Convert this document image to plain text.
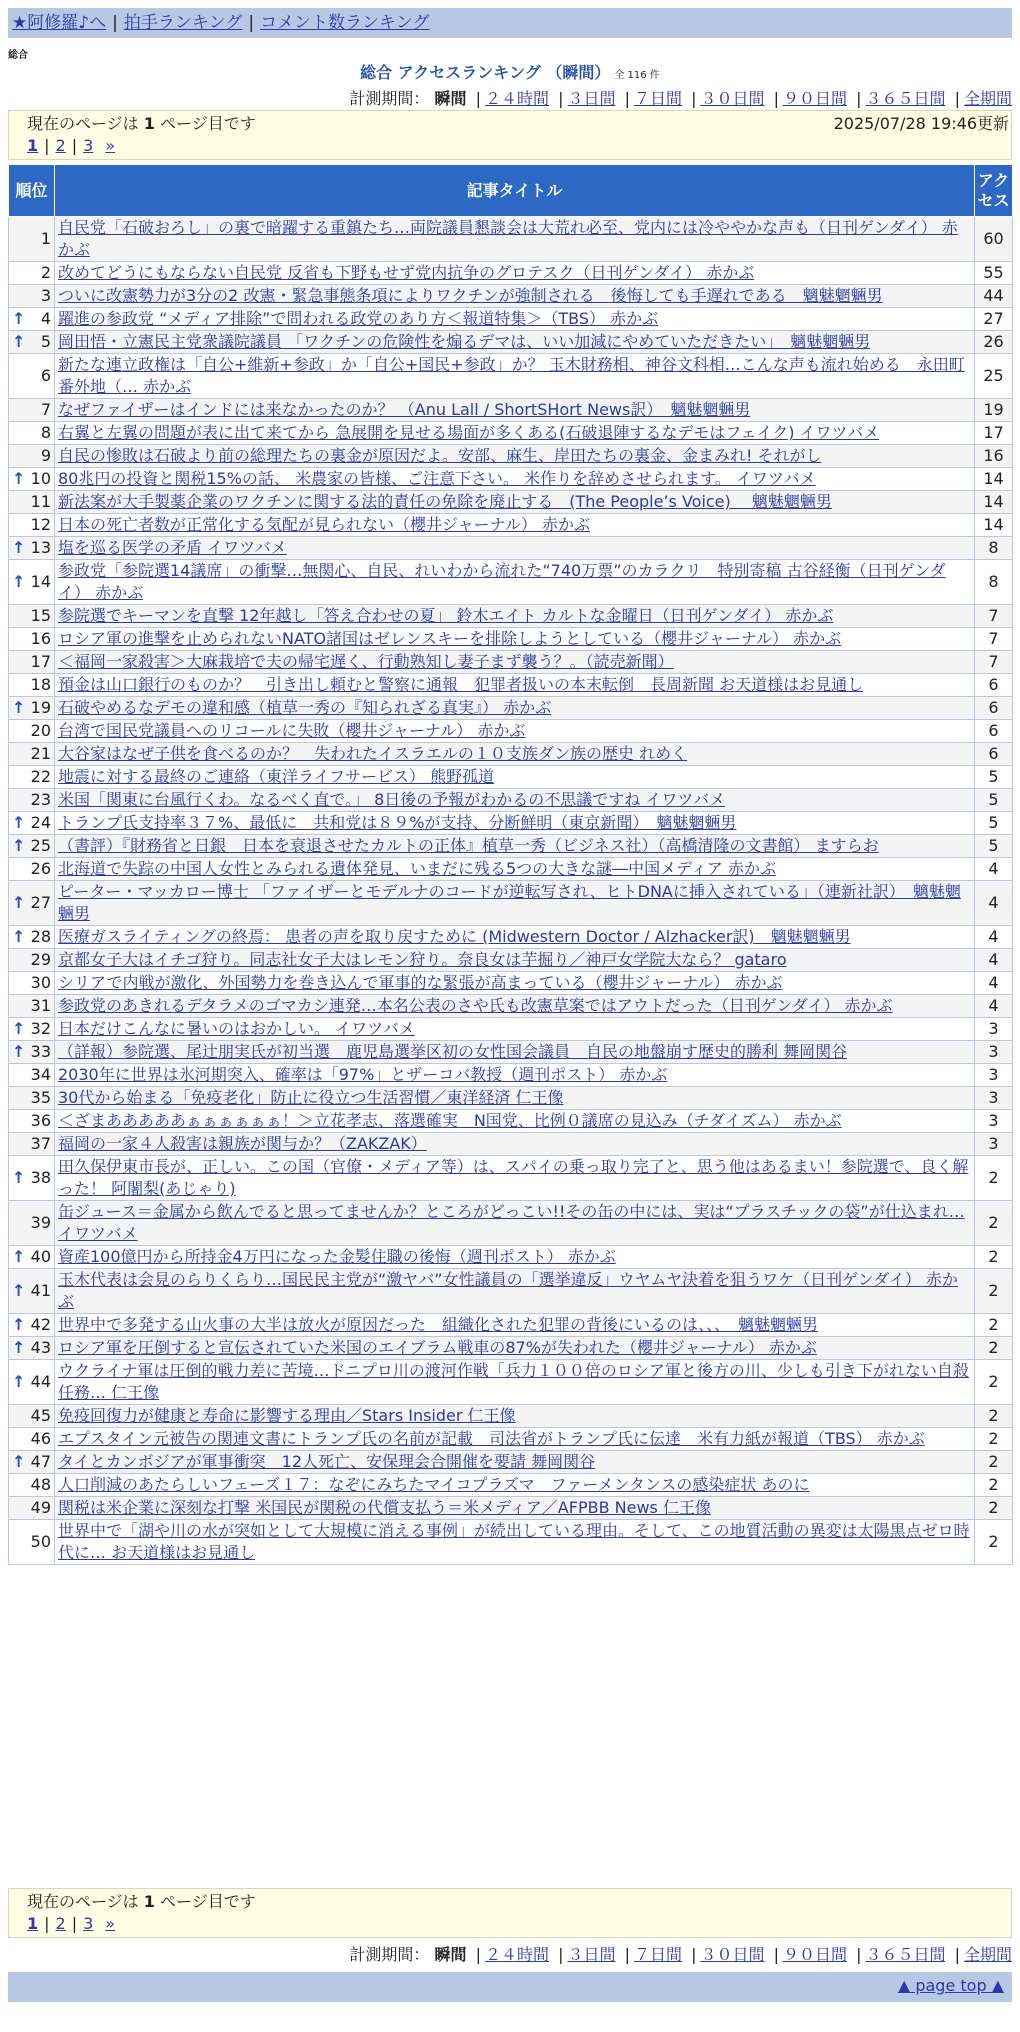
★阿修羅♪へ | 拍手ランキング | コメント数ランキング
総合
総合 アクセスランキング （瞬間） 全 116 件
計測期間： 瞬間 | ２４時間 | ３日間 | ７日間 | ３０日間 | ９０日間 | ３６５日間 | 全期間
現在のページは 1 ページ目です	2025/07/28 19:46更新
1 | 2 | 3 »
順位	記事タイトル	アクセス
1	自民党「石破おろし」の裏で暗躍する重鎮たち…両院議員懇談会は大荒れ必至、党内には冷ややかな声も（日刊ゲンダイ） 赤かぶ	60
2	改めてどうにもならない自民党 反省も下野もせず党内抗争のグロテスク（日刊ゲンダイ） 赤かぶ	55
3	ついに改憲勢力が3分の2 改憲・緊急事態条項によりワクチンが強制される　後悔しても手遅れである　魑魅魍魎男	44

↑ 4	躍進の参政党 “メディア排除”で問われる政党のあり方＜報道特集＞（TBS） 赤かぶ	27

↑ 5	岡田悟・立憲民主党衆議院議員 「ワクチンの危険性を煽るデマは、いい加減にやめていただきたい」　魑魅魍魎男	26
6	新たな連立政権は「自公+維新+参政」か「自公+国民+参政」か？ 玉木財務相、神谷文科相…こんな声も流れ始める　永田町番外地（… 赤かぶ	25
7	なぜファイザーはインドには来なかったのか？ （Anu Lall / ShortSHort News訳）　魑魅魍魎男	19
8	右翼と左翼の問題が表に出て来てから 急展開を見せる場面が多くある(石破退陣するなデモはフェイク) イワツバメ	17
9	自民の惨敗は石破より前の総理たちの裏金が原因だよ。安部、麻生、岸田たちの裏金、金まみれ! それがし	16

↑ 10	80兆円の投資と関税15%の話、 米農家の皆様、ご注意下さい。 米作りを辞めさせられます。 イワツバメ	14
11	新法案が大手製薬企業のワクチンに関する法的責任の免除を廃止する　(The People’s Voice)　 魑魅魍魎男	14
12	日本の死亡者数が正常化する気配が見られない（櫻井ジャーナル） 赤かぶ	14

↑ 13	塩を巡る医学の矛盾 イワツバメ	8

↑ 14	参政党「参院選14議席」の衝撃…無関心、自民、れいわから流れた“740万票”のカラクリ　特別寄稿 古谷経衡（日刊ゲンダイ） 赤かぶ	8
15	参院選でキーマンを直撃 12年越し「答え合わせの夏」 鈴木エイト カルトな金曜日（日刊ゲンダイ） 赤かぶ	7
16	ロシア軍の進撃を止められないNATO諸国はゼレンスキーを排除しようとしている（櫻井ジャーナル） 赤かぶ	7
17	＜福岡一家殺害＞大麻栽培で夫の帰宅遅く、行動熟知し妻子まず襲う？。（読売新聞）	7
18	預金は山口銀行のものか？　引き出し頼むと警察に通報　犯罪者扱いの本末転倒　長周新聞 お天道様はお見通し	6

↑ 19	石破やめるなデモの違和感（植草一秀の『知られざる真実』） 赤かぶ	6
20	台湾で国民党議員へのリコールに失敗（櫻井ジャーナル） 赤かぶ	6
21	大谷家はなぜ子供を食べるのか？　失われたイスラエルの１０支族ダン族の歴史 れめく	6
22	地震に対する最終のご連絡（東洋ライフサービス） 熊野孤道	5
23	米国「関東に台風行くわ。なるべく直で。」 8日後の予報がわかるの不思議ですね イワツバメ	5

↑ 24	トランプ氏支持率３７%、最低に　共和党は８９%が支持、分断鮮明（東京新聞）　魑魅魍魎男	5

↑ 25	（書評）『財務省と日銀　日本を衰退させたカルトの正体』植草一秀（ビジネス社）（高橋清隆の文書館） ますらお	5
26	北海道で失踪の中国人女性とみられる遺体発見、いまだに残る5つの大きな謎―中国メディア 赤かぶ	4

↑ 27	ピーター・マッカロー博士 「ファイザーとモデルナのコードが逆転写され、ヒトDNAに挿入されている」（連新社訳）　魑魅魍魎男	4

↑ 28	医療ガスライティングの終焉： 患者の声を取り戻すために (Midwestern Doctor / Alzhacker訳)　魑魅魍魎男	4
29	京都女子大はイチゴ狩り。同志社女子大はレモン狩り。奈良女は芋掘り／神戸女学院大なら？ gataro	4
30	シリアで内戦が激化、外国勢力を巻き込んで軍事的な緊張が高まっている（櫻井ジャーナル） 赤かぶ	4
31	参政党のあきれるデタラメのゴマカシ連発…本名公表のさや氏も改憲草案ではアウトだった（日刊ゲンダイ） 赤かぶ	4

↑ 32	日本だけこんなに暑いのはおかしい。 イワツバメ	3

↑ 33	（詳報）参院選、尾辻朋実氏が初当選　鹿児島選挙区初の女性国会議員　自民の地盤崩す歴史的勝利 舞岡関谷	3
34	2030年に世界は氷河期突入、確率は「97%」とザーコバ教授（週刊ポスト） 赤かぶ	3
35	30代から始まる「免疫老化」防止に役立つ生活習慣／東洋経済 仁王像	3
36	＜ざまあああああぁぁぁぁぁぁ！＞立花孝志、落選確実　N国党、比例０議席の見込み（チダイズム） 赤かぶ	3
37	福岡の一家４人殺害は親族が関与か？（ZAKZAK）	3

↑ 38	田久保伊東市長が、正しい。この国（官僚・メディア等）は、スパイの乗っ取り完了と、思う他はあるまい！参院選で、良く解った！ 阿闍梨(あじゃり)	2
39	缶ジュース＝金属から飲んでると思ってませんか？ところがどっこい!!その缶の中には、実は“プラスチックの袋”が仕込まれ… イワツバメ	2

↑ 40	資産100億円から所持金4万円になった金髪住職の後悔（週刊ポスト） 赤かぶ	2

↑ 41	玉木代表は会見のらりくらり…国民民主党が“激ヤバ”女性議員の「選挙違反」ウヤムヤ決着を狙うワケ（日刊ゲンダイ） 赤かぶ	2

↑ 42	世界中で多発する山火事の大半は放火が原因だった　組織化された犯罪の背後にいるのは、、、　魑魅魍魎男	2

↑ 43	ロシア軍を圧倒すると宣伝されていた米国のエイブラム戦車の87%が失われた（櫻井ジャーナル） 赤かぶ	2

↑ 44	ウクライナ軍は圧倒的戦力差に苦境…ドニプロ川の渡河作戦「兵力１００倍のロシア軍と後方の川、少しも引き下がれない自殺任務… 仁王像	2
45	免疫回復力が健康と寿命に影響する理由／Stars Insider 仁王像	2
46	エプスタイン元被告の関連文書にトランプ氏の名前が記載　司法省がトランプ氏に伝達　米有力紙が報道（TBS） 赤かぶ	2

↑ 47	タイとカンボジアが軍事衝突　12人死亡、安保理会合開催を要請 舞岡関谷	2
48	人口削減のあたらしいフェーズ１７：なぞにみちたマイコプラズマ　ファーメンタンスの感染症状 あのに	2
49	関税は米企業に深刻な打撃 米国民が関税の代償支払う＝米メディア／AFPBB News 仁王像	2
50	世界中で「湖や川の水が突如として大規模に消える事例」が続出している理由。そして、この地質活動の異変は太陽黒点ゼロ時代に… お天道様はお見通し	2
現在のページは 1 ページ目です
1 | 2 | 3 »
計測期間： 瞬間 | ２４時間 | ３日間 | ７日間 | ３０日間 | ９０日間 | ３６５日間 | 全期間
▲ page top ▲
